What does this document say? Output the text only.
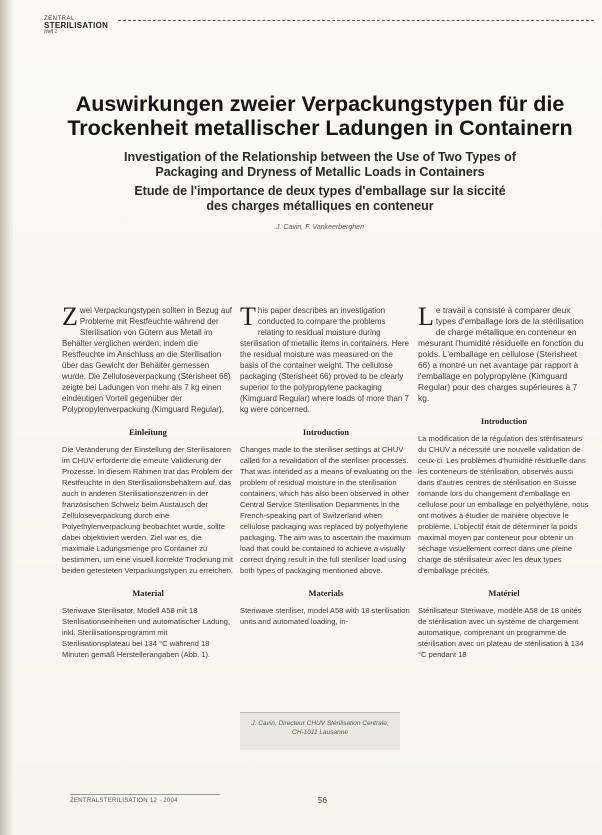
ZENTRAL
STERILISATION
Heft 1
Auswirkungen zweier Verpackungstypen für die
Trockenheit metallischer Ladungen in Containern
Investigation of the Relationship between the Use of Two Types of
Packaging and Dryness of Metallic Loads in Containers
Etude de l'importance de deux types d'emballage sur la siccité
des charges métalliques en conteneur
J. Cavin, F. Vankeerberghen

Zwei Verpackungstypen sollten in Bezug auf Probleme mit Restfeuchte während der Sterilisation von Gütern aus Metall im Behälter verglichen werden, indem die Restfeuchte im Anschluss an die Sterilisation über das Gewicht der Behälter gemessen wurde. Die Zelluloseverpackung (Sterisheet 66) zeigte bei Ladungen von mehr als 7 kg einen eindeutigen Vorteil gegenüber der Polypropylenverpackung (Kimguard Regular).

Einleitung

Die Veränderung der Einstellung der Sterilisatoren im CHUV erforderte die erneute Validierung der Prozesse. In diesem Rahmen trat das Problem der Restfeuchte in den Sterilisationsbehältern auf, das auch in anderen Sterilisationszentren in der französischen Schweiz beim Austausch der Zelluloseverpackung durch eine Polyethylenverpackung beobachtet wurde, sollte dabei objektiviert werden. Ziel war es, die maximale Ladungsmenge pro Container zu bestimmen, um eine visuell korrekte Trocknung mit beiden getesteten Verpackungstypen zu erreichen.

Material

Steriwave Sterilisator, Modell A58 mit 18 Sterilisationseinheiten und automatischer Ladung, inkl. Sterilisationsprogramm mit Sterilisationsplateau bei 134 °C während 18 Minuten gemäß Herstellerangaben (Abb. 1).

This paper describes an investigation conducted to compare the problems relating to residual moisture during sterilisation of metallic items in containers. Here the residual moisture was measured on the basis of the container weight. The cellulose packaging (Sterisheet 66) proved to be clearly superior to the polypropylene packaging (Kimguard Regular) where loads of more than 7 kg were concerned.

Introduction

Changes made to the steriliser settings at CHUV called for a revalidation of the steriliser processes. That was intended as a means of evaluating on the problem of residual moisture in the sterilisation containers, which has also been observed in other Central Service Sterilisation Departments in the French-speaking part of Switzerland when cellulose packaging was replaced by polyethylene packaging. The aim was to ascertain the maximum load that could be contained to achieve a visually correct drying result in the full steriliser load using both types of packaging mentioned above.

Materials

Steriwave steriliser, model A58 with 18 sterilisation units and automated loading, in-

J. Cavin, Directeur CHUV Stérilisation Centrale, CH-1011 Lausanne

Le travail a consisté à comparer deux types d'emballage lors de la stérilisation de charge métallique en conteneur en mesurant l'humidité résiduelle en fonction du poids. L'emballage en cellulose (Sterisheet 66) a montré un net avantage par rapport à l'emballage en polypropylène (Kimguard Regular) pour des charges supérieures à 7 kg.

Introduction

La modification de la régulation des stérilisateurs du CHUV a nécessité une nouvelle validation de ceux-ci. Les problèmes d'humidité résiduelle dans les conteneurs de stérilisation, observés aussi dans d'autres centres de stérilisation en Suisse romande lors du changement d'emballage en cellulose pour un emballage en polyéthylène, nous ont motivés à étudier de manière objective le problème. L'objectif était de déterminer la poids maximal moyen par conteneur pour obtenir un séchage visuellement correct dans une pleine charge de stérilisateur avec les deux types d'emballage précités.

Matériel

Stérilisateur Steriwave, modèle A58 de 18 unités de stérilisation avec un système de chargement automatique, comprenant un programme de stérilisation avec un plateau de stérilisation à 134 °C pendant 18

ZENTRALSTERILISATION 12 · 2004	56
